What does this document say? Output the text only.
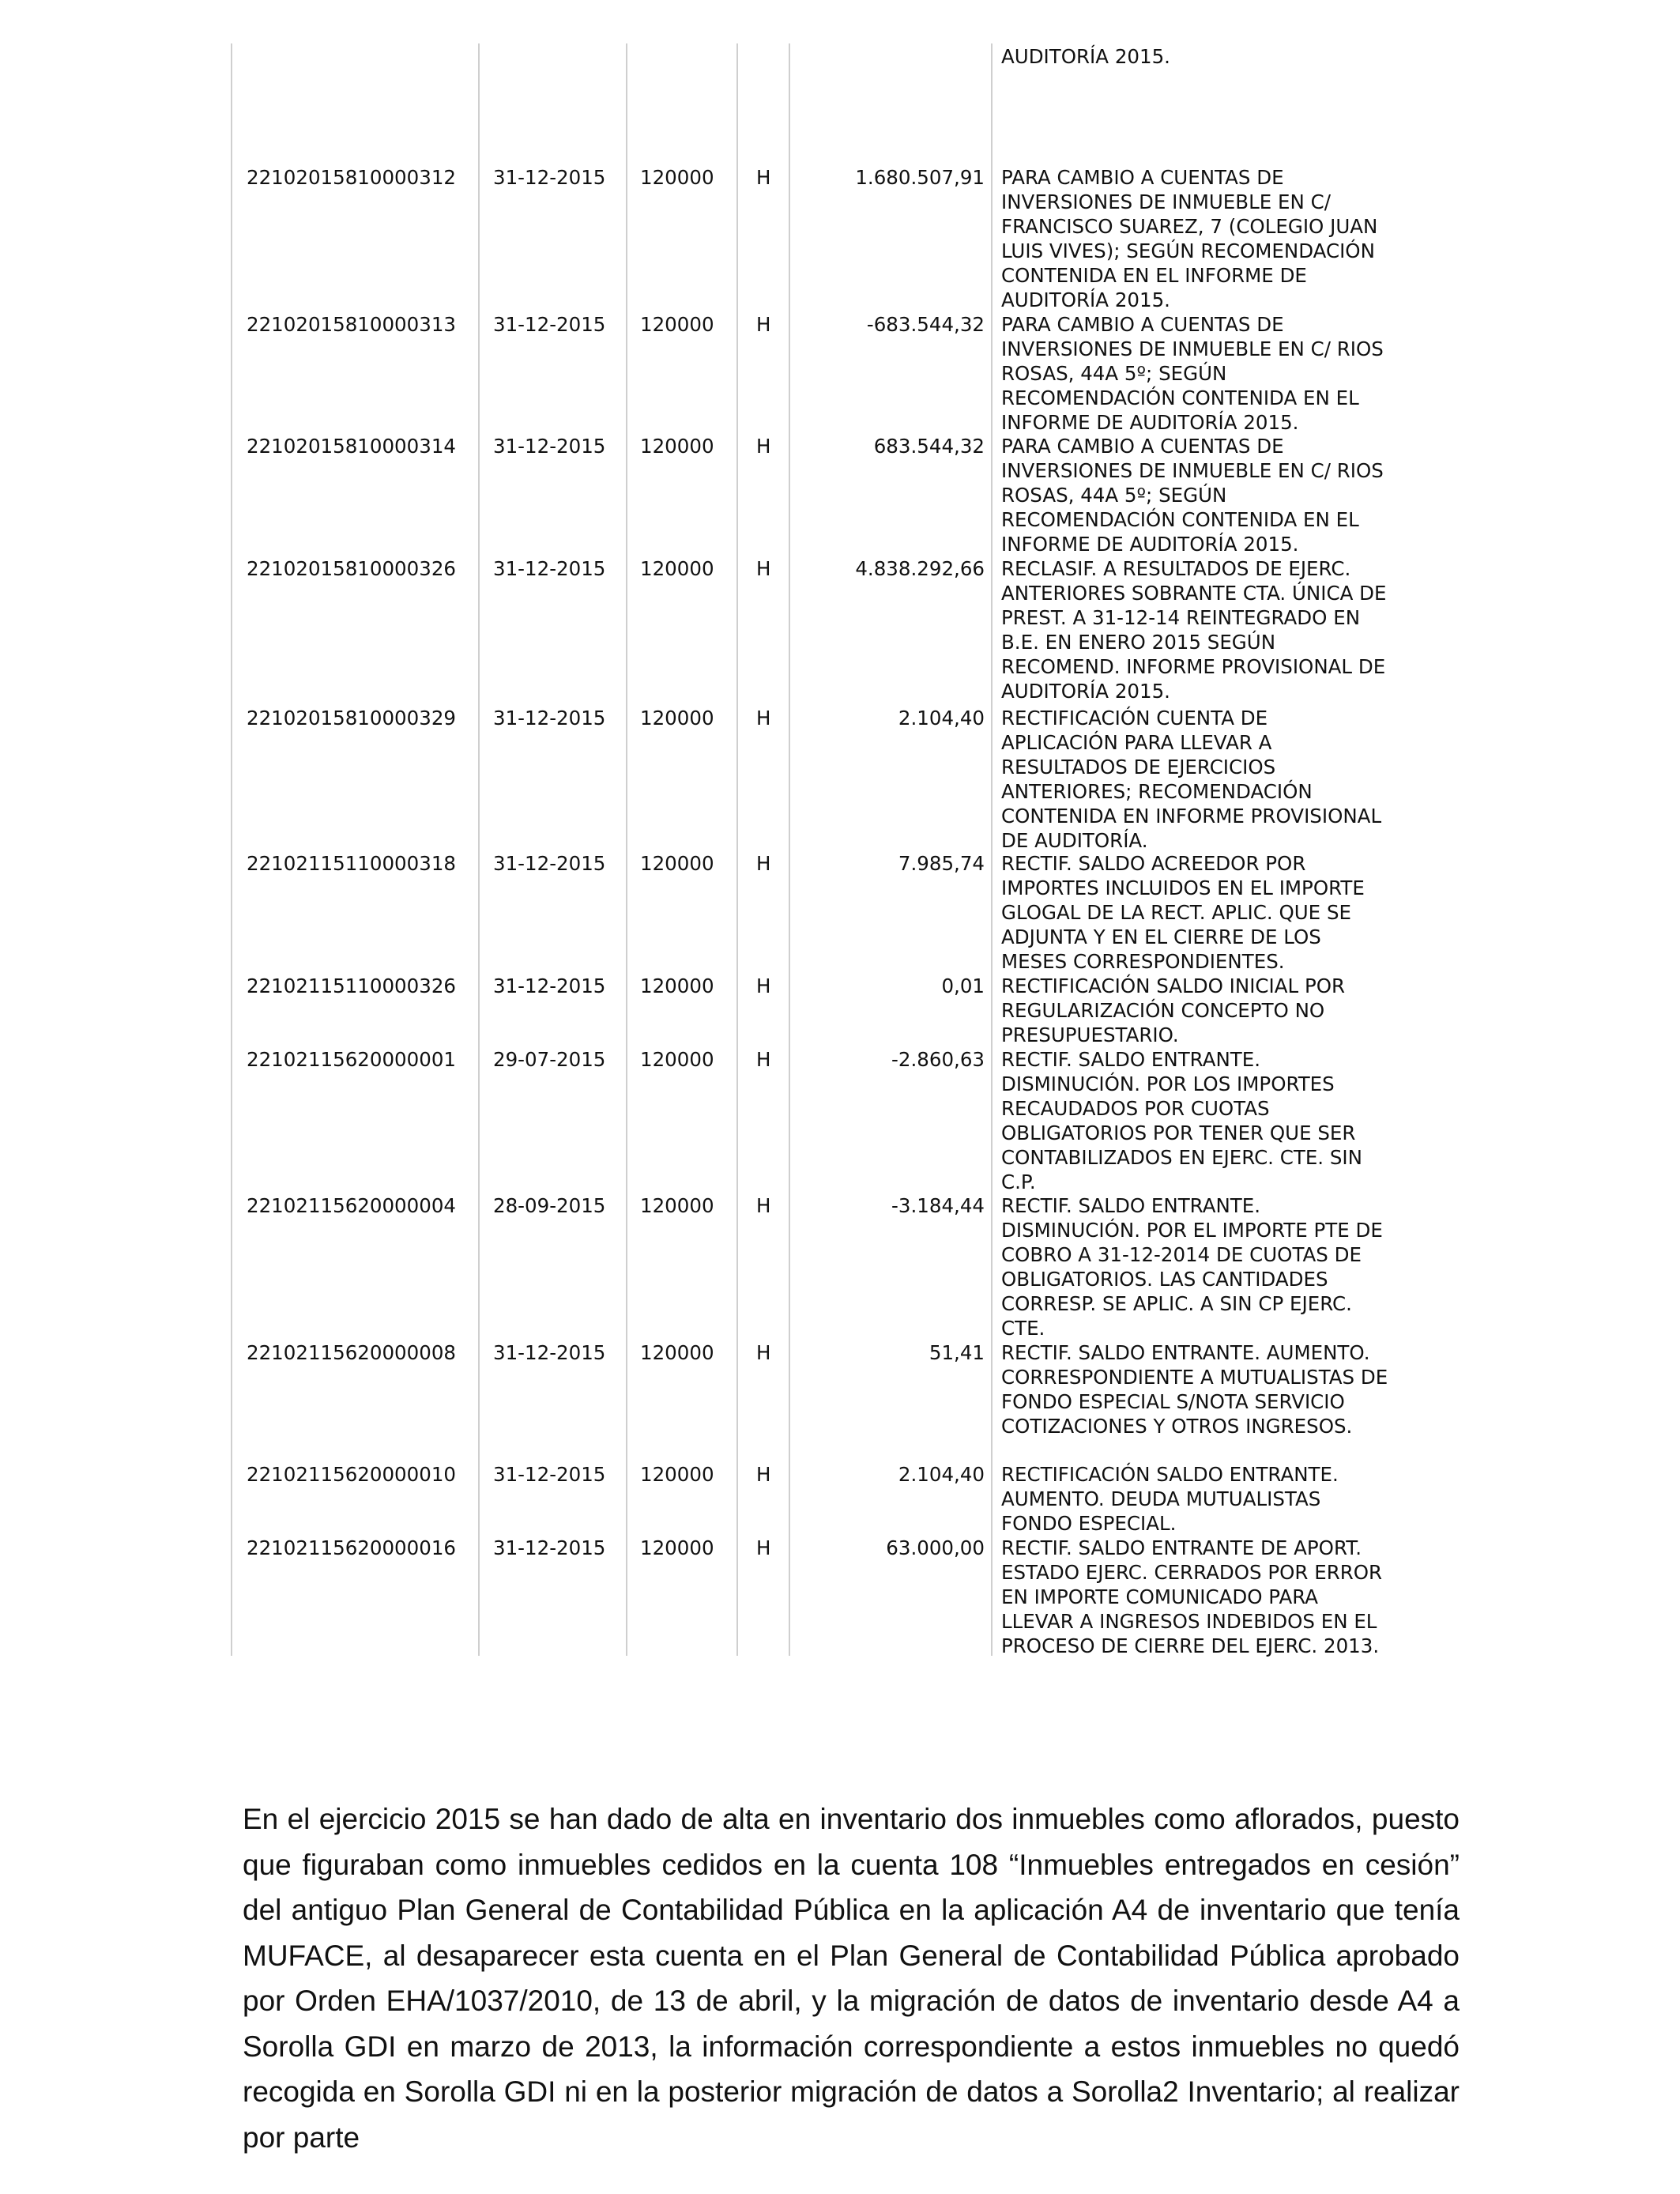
AUDITORÍA 2015.
22102015810000312 31-12-2015 120000 H	1.680.507,91 PARA CAMBIO A CUENTAS DE
INVERSIONES DE INMUEBLE EN C/
FRANCISCO SUAREZ, 7 (COLEGIO JUAN
LUIS VIVES); SEGÚN RECOMENDACIÓN
CONTENIDA EN EL INFORME DE
AUDITORÍA 2015.
22102015810000313 31-12-2015 120000 H	-683.544,32 PARA CAMBIO A CUENTAS DE
INVERSIONES DE INMUEBLE EN C/ RIOS
ROSAS, 44A 5º; SEGÚN
RECOMENDACIÓN CONTENIDA EN EL
INFORME DE AUDITORÍA 2015.
22102015810000314 31-12-2015 120000 H	683.544,32 PARA CAMBIO A CUENTAS DE
INVERSIONES DE INMUEBLE EN C/ RIOS
ROSAS, 44A 5º; SEGÚN
RECOMENDACIÓN CONTENIDA EN EL
INFORME DE AUDITORÍA 2015.
22102015810000326 31-12-2015 120000 H	4.838.292,66 RECLASIF. A RESULTADOS DE EJERC.
ANTERIORES SOBRANTE CTA. ÚNICA DE
PREST. A 31-12-14 REINTEGRADO EN
B.E. EN ENERO 2015 SEGÚN
RECOMEND. INFORME PROVISIONAL DE
AUDITORÍA 2015.
22102015810000329 31-12-2015 120000 H	2.104,40 RECTIFICACIÓN CUENTA DE
APLICACIÓN PARA LLEVAR A
RESULTADOS DE EJERCICIOS
ANTERIORES; RECOMENDACIÓN
CONTENIDA EN INFORME PROVISIONAL
DE AUDITORÍA.
22102115110000318 31-12-2015 120000 H	7.985,74 RECTIF. SALDO ACREEDOR POR
IMPORTES INCLUIDOS EN EL IMPORTE
GLOGAL DE LA RECT. APLIC. QUE SE
ADJUNTA Y EN EL CIERRE DE LOS
MESES CORRESPONDIENTES.
22102115110000326 31-12-2015 120000 H	0,01 RECTIFICACIÓN SALDO INICIAL POR
REGULARIZACIÓN CONCEPTO NO
PRESUPUESTARIO.
22102115620000001 29-07-2015 120000 H	-2.860,63 RECTIF. SALDO ENTRANTE.
DISMINUCIÓN. POR LOS IMPORTES
RECAUDADOS POR CUOTAS
OBLIGATORIOS POR TENER QUE SER
CONTABILIZADOS EN EJERC. CTE. SIN
C.P.
22102115620000004 28-09-2015 120000 H	-3.184,44 RECTIF. SALDO ENTRANTE.
DISMINUCIÓN. POR EL IMPORTE PTE DE
COBRO A 31-12-2014 DE CUOTAS DE
OBLIGATORIOS. LAS CANTIDADES
CORRESP. SE APLIC. A SIN CP EJERC.
CTE.
22102115620000008 31-12-2015 120000 H	51,41 RECTIF. SALDO ENTRANTE. AUMENTO.
CORRESPONDIENTE A MUTUALISTAS DE
FONDO ESPECIAL S/NOTA SERVICIO
COTIZACIONES Y OTROS INGRESOS.
22102115620000010 31-12-2015 120000 H	2.104,40 RECTIFICACIÓN SALDO ENTRANTE.
AUMENTO. DEUDA MUTUALISTAS
FONDO ESPECIAL.
22102115620000016 31-12-2015 120000 H	63.000,00 RECTIF. SALDO ENTRANTE DE APORT.
ESTADO EJERC. CERRADOS POR ERROR
EN IMPORTE COMUNICADO PARA
LLEVAR A INGRESOS INDEBIDOS EN EL
PROCESO DE CIERRE DEL EJERC. 2013.
En el ejercicio 2015 se han dado de alta en inventario dos inmuebles como aflorados, puesto que figuraban como inmuebles cedidos en la cuenta 108 “Inmuebles entregados en cesión” del antiguo Plan General de Contabilidad Pública en la aplicación A4 de inventario que tenía MUFACE, al desaparecer esta cuenta en el Plan General de Contabilidad Pública aprobado por Orden EHA/1037/2010, de 13 de abril, y la migración de datos de inventario desde A4 a Sorolla GDI en marzo de 2013, la información correspondiente a estos inmuebles no quedó recogida en Sorolla GDI ni en la posterior migración de datos a Sorolla2 Inventario; al realizar por parte
